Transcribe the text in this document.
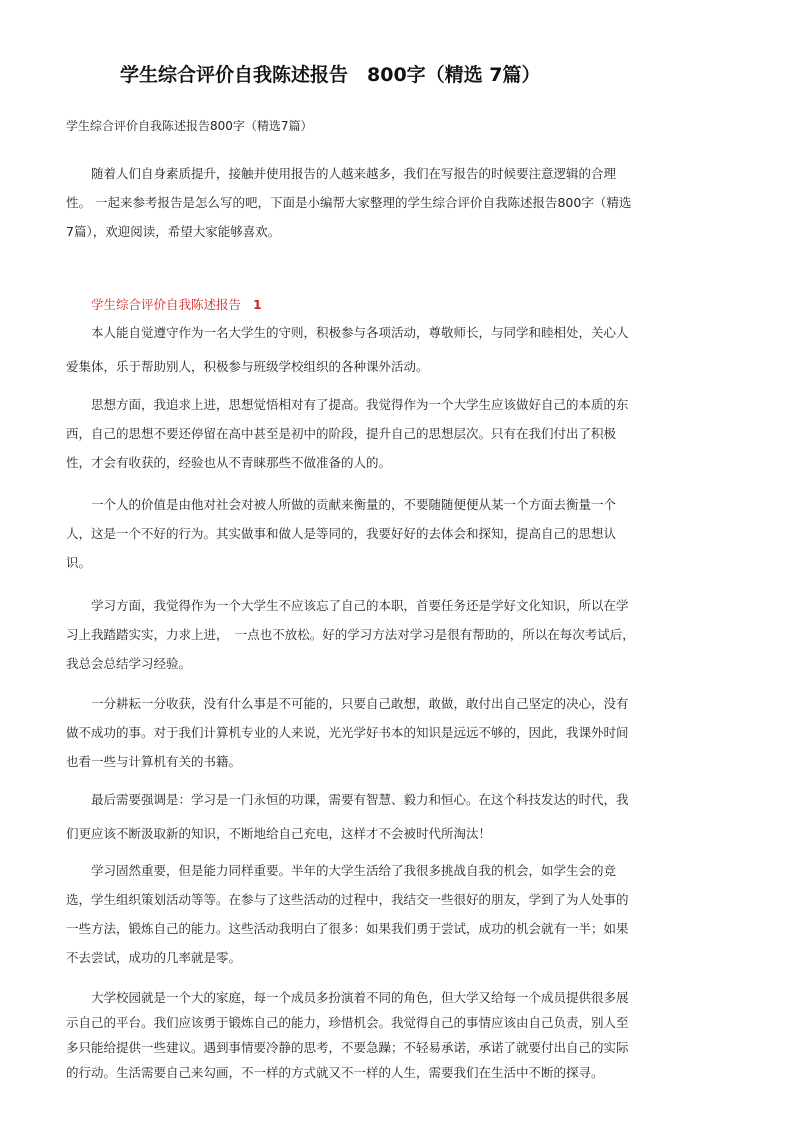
学生综合评价自我陈述报告　800字（精选 7篇）
学生综合评价自我陈述报告800字（精选7篇）
随着人们自身素质提升，接触并使用报告的人越来越多，我们在写报告的时候要注意逻辑的合理
性。 一起来参考报告是怎么写的吧，下面是小编帮大家整理的学生综合评价自我陈述报告800字（精选
7篇），欢迎阅读，希望大家能够喜欢。
学生综合评价自我陈述报告 1
本人能自觉遵守作为一名大学生的守则，积极参与各项活动，尊敬师长，与同学和睦相处，关心人
爱集体，乐于帮助别人，积极参与班级学校组织的各种课外活动。
思想方面，我追求上进，思想觉悟相对有了提高。我觉得作为一个大学生应该做好自己的本质的东
西，自己的思想不要还停留在高中甚至是初中的阶段，提升自己的思想层次。只有在我们付出了积极
性，才会有收获的，经验也从不青睐那些不做准备的人的。
一个人的价值是由他对社会对被人所做的贡献来衡量的，不要随随便便从某一个方面去衡量一个
人，这是一个不好的行为。其实做事和做人是等同的，我要好好的去体会和探知，提高自己的思想认
识。
学习方面，我觉得作为一个大学生不应该忘了自己的本职，首要任务还是学好文化知识，所以在学
习上我踏踏实实，力求上进，　一点也不放松。好的学习方法对学习是很有帮助的，所以在每次考试后，
我总会总结学习经验。
一分耕耘一分收获，没有什么事是不可能的，只要自己敢想，敢做，敢付出自己坚定的决心，没有
做不成功的事。对于我们计算机专业的人来说，光光学好书本的知识是远远不够的，因此，我课外时间
也看一些与计算机有关的书籍。
最后需要强调是：学习是一门永恒的功课，需要有智慧、毅力和恒心。在这个科技发达的时代，我
们更应该不断汲取新的知识，不断地给自己充电，这样才不会被时代所淘汰！
学习固然重要，但是能力同样重要。半年的大学生活给了我很多挑战自我的机会，如学生会的竞
选，学生组织策划活动等等。在参与了这些活动的过程中，我结交一些很好的朋友，学到了为人处事的
一些方法，锻炼自己的能力。这些活动我明白了很多：如果我们勇于尝试，成功的机会就有一半；如果
不去尝试，成功的几率就是零。
大学校园就是一个大的家庭，每一个成员多扮演着不同的角色，但大学又给每一个成员提供很多展
示自己的平台。我们应该勇于锻炼自己的能力，珍惜机会。我觉得自己的事情应该由自己负责，别人至
多只能给提供一些建议。遇到事情要冷静的思考，不要急躁；不轻易承诺，承诺了就要付出自己的实际
的行动。生活需要自己来勾画，不一样的方式就又不一样的人生，需要我们在生活中不断的探寻。
